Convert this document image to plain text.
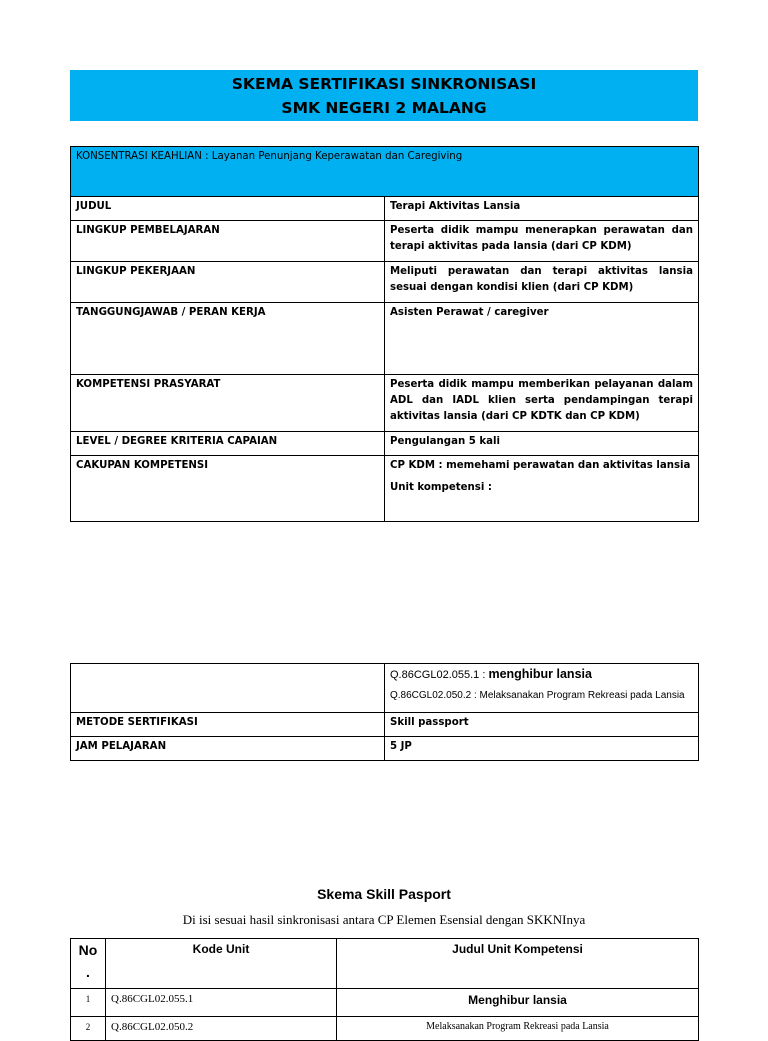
SKEMA SERTIFIKASI SINKRONISASI
SMK NEGERI 2 MALANG
KONSENTRASI KEAHLIAN : Layanan Penunjang Keperawatan dan Caregiving	
JUDUL	Terapi Aktivitas Lansia
LINGKUP PEMBELAJARAN	Peserta didik mampu menerapkan perawatan dan terapi aktivitas pada lansia (dari CP KDM)
LINGKUP PEKERJAAN	Meliputi perawatan dan terapi aktivitas lansia sesuai dengan kondisi klien (dari CP KDM)
TANGGUNGJAWAB / PERAN KERJA	Asisten Perawat / caregiver
KOMPETENSI PRASYARAT	Peserta didik mampu memberikan pelayanan dalam ADL dan IADL klien serta pendampingan terapi aktivitas lansia (dari CP KDTK dan CP KDM)
LEVEL / DEGREE KRITERIA CAPAIAN	Pengulangan 5 kali
CAKUPAN KOMPETENSI	CP KDM : memehami perawatan dan aktivitas lansia
Unit kompetensi :

	Q.86CGL02.055.1 : menghibur lansia
Q.86CGL02.050.2 : Melaksanakan Program Rekreasi pada Lansia

METODE SERTIFIKASI	Skill passport
JAM PELAJARAN	5 JP
Skema Skill Pasport
Di isi sesuai hasil sinkronisasi antara CP Elemen Esensial dengan SKKNInya
No
.	Kode Unit	Judul Unit Kompetensi
1	Q.86CGL02.055.1	Menghibur lansia
2	Q.86CGL02.050.2	Melaksanakan Program Rekreasi pada Lansia
